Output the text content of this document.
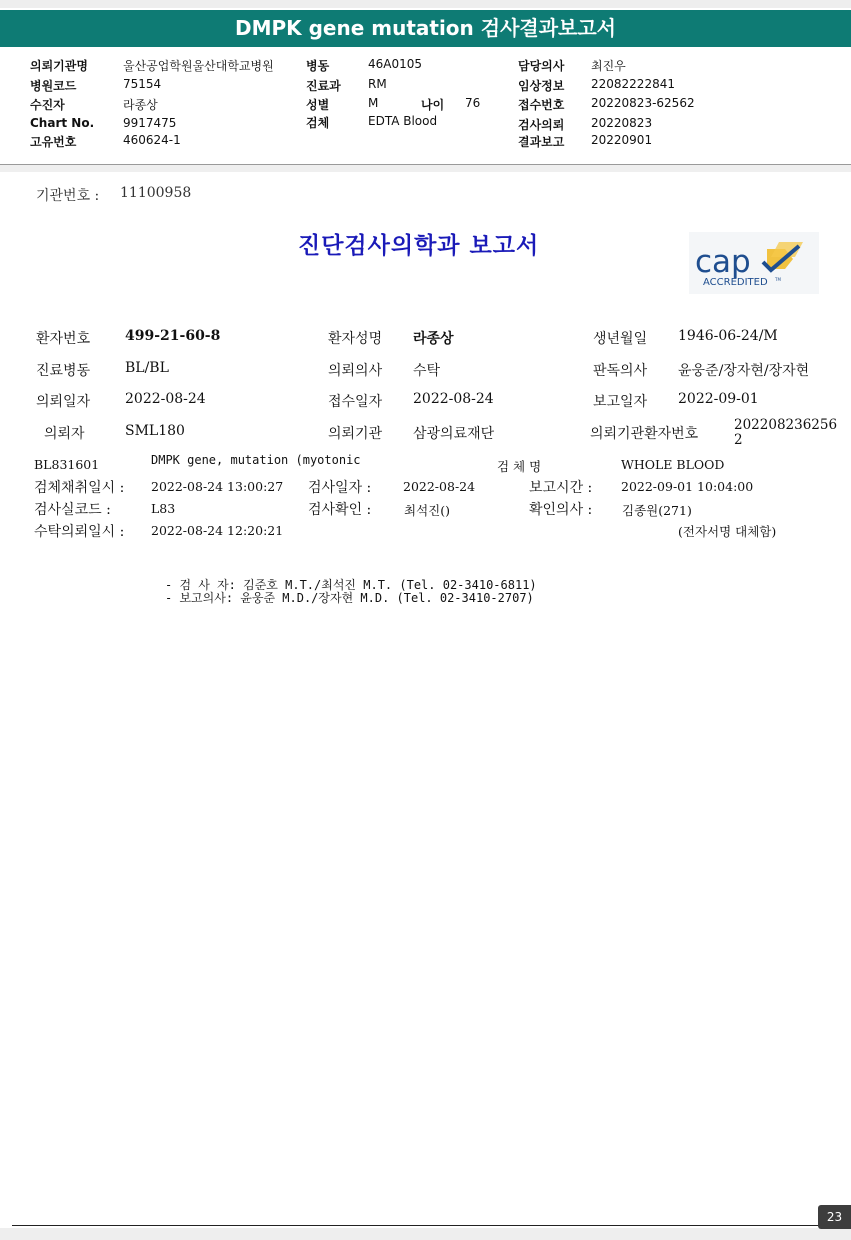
DMPK gene mutation 검사결과보고서
의뢰기관명	울산공업학원울산대학교병원
병원코드	75154
수진자	라종상
Chart No. 9917475
고유번호	460624-1
병동	46A0105
진료과 RM
성별	M	나이 76
검체	EDTA Blood
담당의사 최진우
임상정보 22082222841
접수번호 20220823-62562
검사의뢰 20220823
결과보고 20220901
기관번호 : 11100958
진단검사의학과 보고서	cap
ACCREDITED TM
환자번호 499-21-60-8	환자성명 라종상	생년월일 1946-06-24/M
진료병동 BL/BL	의뢰의사 수탁	판독의사 윤웅준/장자현/장자현
의뢰일자 2022-08-24	접수일자 2022-08-24	보고일자 2022-09-01
의뢰자	SML180	의뢰기관 삼광의료재단	의뢰기관환자번호
202208236256
2
BL831601	DMPK gene, mutation (myotonic	검 체 명	WHOLE BLOOD
검체채취일시 : 2022-08-24 13:00:27 검사일자 :	2022-08-24	보고시간 : 2022-09-01 10:04:00
검사실코드 :	L83	검사확인 :	최석진()	확인의사 : 김종원(271)
수탁의뢰일시 : 2022-08-24 12:20:21	(전자서명 대체함)
- 검 사 자: 김준호 M.T./최석진 M.T. (Tel. 02-3410-6811)
- 보고의사: 윤웅준 M.D./장자현 M.D. (Tel. 02-3410-2707)
23
